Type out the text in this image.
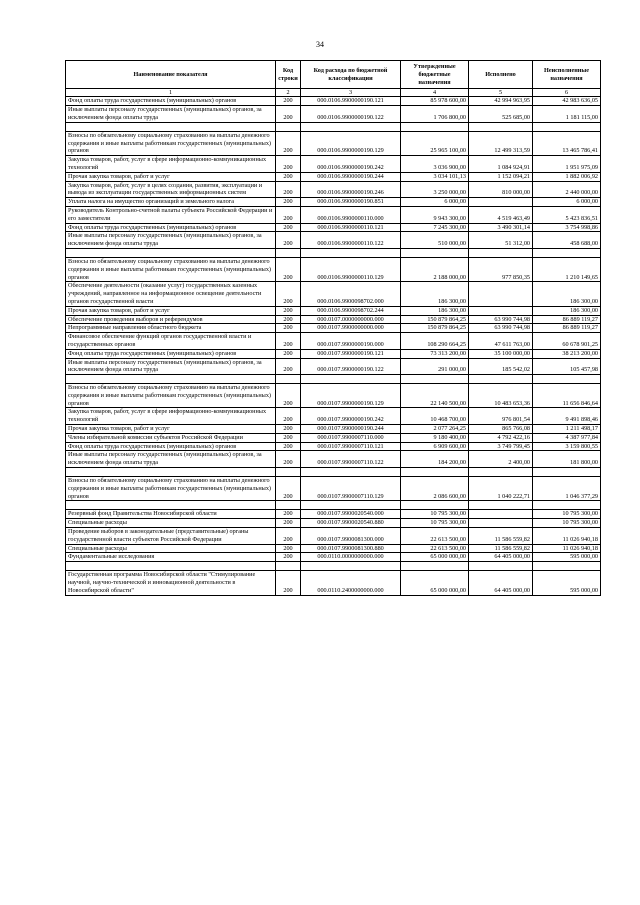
34
Наименование показателя	Код строки	Код расхода по бюджетной классификации	Утвержденные бюджетные назначения	Исполнено	Неисполненные назначения
1	2	3	4	5	6
Фонд оплаты труда государственных (муниципальных) органов	200	000.0106.9900000190.121	85 978 600,00	42 994 963,95	42 983 636,05
Иные выплаты персоналу государственных (муниципальных) органов, за исключением фонда оплаты труда	200	000.0106.9900000190.122	1 706 800,00	525 685,00	1 181 115,00

Взносы по обязательному социальному страхованию на выплаты денежного содержания и иные выплаты работникам государственных (муниципальных) органов	200	000.0106.9900000190.129	25 965 100,00	12 499 313,59	13 465 786,41
Закупка товаров, работ, услуг в сфере информационно-коммуникационных технологий	200	000.0106.9900000190.242	3 036 900,00	1 084 924,91	1 951 975,09
Прочая закупка товаров, работ и услуг	200	000.0106.9900000190.244	3 034 101,13	1 152 094,21	1 882 006,92
Закупка товаров, работ, услуг в целях создания, развития, эксплуатации и вывода из эксплуатации государственных информационных систем	200	000.0106.9900000190.246	3 250 000,00	810 000,00	2 440 000,00
Уплата налога на имущество организаций и земельного налога	200	000.0106.9900000190.851	6 000,00		6 000,00
Руководитель Контрольно-счетной палаты субъекта Российской Федерации и его заместители	200	000.0106.9900000110.000	9 943 300,00	4 519 463,49	5 423 836,51
Фонд оплаты труда государственных (муниципальных) органов	200	000.0106.9900000110.121	7 245 300,00	3 490 301,14	3 754 998,86
Иные выплаты персоналу государственных (муниципальных) органов, за исключением фонда оплаты труда	200	000.0106.9900000110.122	510 000,00	51 312,00	458 688,00

Взносы по обязательному социальному страхованию на выплаты денежного содержания и иные выплаты работникам государственных (муниципальных) органов	200	000.0106.9900000110.129	2 188 000,00	977 850,35	1 210 149,65
Обеспечение деятельности (оказание услуг) государственных казенных учреждений, направленное на информационное освещение деятельности органов государственной власти	200	000.0106.9900098702.000	186 300,00		186 300,00
Прочая закупка товаров, работ и услуг	200	000.0106.9900098702.244	186 300,00		186 300,00
Обеспечение проведения выборов и референдумов	200	000.0107.0000000000.000	150 879 864,25	63 990 744,98	86 889 119,27
Непрограммные направления областного бюджета	200	000.0107.9900000000.000	150 879 864,25	63 990 744,98	86 889 119,27
Финансовое обеспечение функций органов государственной власти и государственных органов	200	000.0107.9900000190.000	108 290 664,25	47 611 763,00	60 678 901,25
Фонд оплаты труда государственных (муниципальных) органов	200	000.0107.9900000190.121	73 313 200,00	35 100 000,00	38 213 200,00
Иные выплаты персоналу государственных (муниципальных) органов, за исключением фонда оплаты труда	200	000.0107.9900000190.122	291 000,00	185 542,02	105 457,98

Взносы по обязательному социальному страхованию на выплаты денежного содержания и иные выплаты работникам государственных (муниципальных) органов	200	000.0107.9900000190.129	22 140 500,00	10 483 653,36	11 656 846,64
Закупка товаров, работ, услуг в сфере информационно-коммуникационных технологий	200	000.0107.9900000190.242	10 468 700,00	976 801,54	9 491 898,46
Прочая закупка товаров, работ и услуг	200	000.0107.9900000190.244	2 077 264,25	865 766,08	1 211 498,17
Члены избирательной комиссии субъектов Российской Федерации	200	000.0107.9900007110.000	9 180 400,00	4 792 422,16	4 387 977,84
Фонд оплаты труда государственных (муниципальных) органов	200	000.0107.9900007110.121	6 909 600,00	3 749 799,45	3 159 800,55
Иные выплаты персоналу государственных (муниципальных) органов, за исключением фонда оплаты труда	200	000.0107.9900007110.122	184 200,00	2 400,00	181 800,00

Взносы по обязательному социальному страхованию на выплаты денежного содержания и иные выплаты работникам государственных (муниципальных) органов	200	000.0107.9900007110.129	2 086 600,00	1 040 222,71	1 046 377,29

Резервный фонд Правительства Новосибирской области	200	000.0107.9900020540.000	10 795 300,00		10 795 300,00
Специальные расходы	200	000.0107.9900020540.880	10 795 300,00		10 795 300,00
Проведение выборов в законодательные (представительные) органы государственной власти субъектов Российской Федерации	200	000.0107.9900081300.000	22 613 500,00	11 586 559,82	11 026 940,18
Специальные расходы	200	000.0107.9900081300.880	22 613 500,00	11 586 559,82	11 026 940,18
Фундаментальные исследования	200	000.0110.0000000000.000	65 000 000,00	64 405 000,00	595 000,00

Государственная программа Новосибирской области "Стимулирование научной, научно-технической и инновационной деятельности в Новосибирской области"	200	000.0110.2400000000.000	65 000 000,00	64 405 000,00	595 000,00
